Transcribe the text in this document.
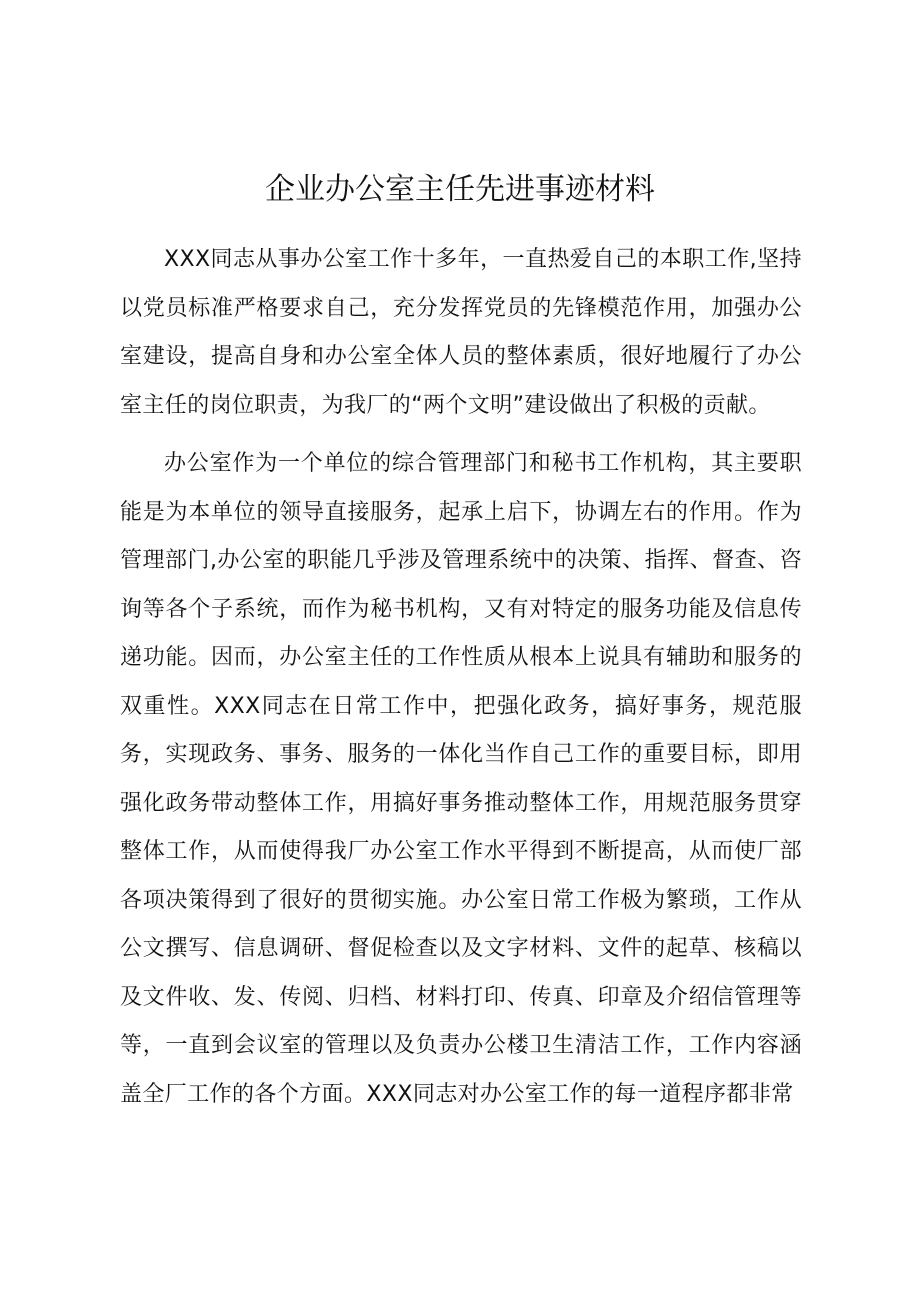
企业办公室主任先进事迹材料

XXX同志从事办公室工作十多年，一直热爱自己的本职工作,坚持以党员标准严格要求自己，充分发挥党员的先锋模范作用，加强办公室建设，提高自身和办公室全体人员的整体素质，很好地履行了办公室主任的岗位职责，为我厂的“两个文明”建设做出了积极的贡献。

办公室作为一个单位的综合管理部门和秘书工作机构，其主要职能是为本单位的领导直接服务，起承上启下，协调左右的作用。作为管理部门,办公室的职能几乎涉及管理系统中的决策、指挥、督查、咨询等各个子系统，而作为秘书机构，又有对特定的服务功能及信息传递功能。因而，办公室主任的工作性质从根本上说具有辅助和服务的双重性。XXX同志在日常工作中，把强化政务，搞好事务，规范服务，实现政务、事务、服务的一体化当作自己工作的重要目标，即用强化政务带动整体工作，用搞好事务推动整体工作，用规范服务贯穿整体工作，从而使得我厂办公室工作水平得到不断提高，从而使厂部各项决策得到了很好的贯彻实施。办公室日常工作极为繁琐，工作从公文撰写、信息调研、督促检查以及文字材料、文件的起草、核稿以及文件收、发、传阅、归档、材料打印、传真、印章及介绍信管理等等，一直到会议室的管理以及负责办公楼卫生清洁工作，工作内容涵盖全厂工作的各个方面。XXX同志对办公室工作的每一道程序都非常
